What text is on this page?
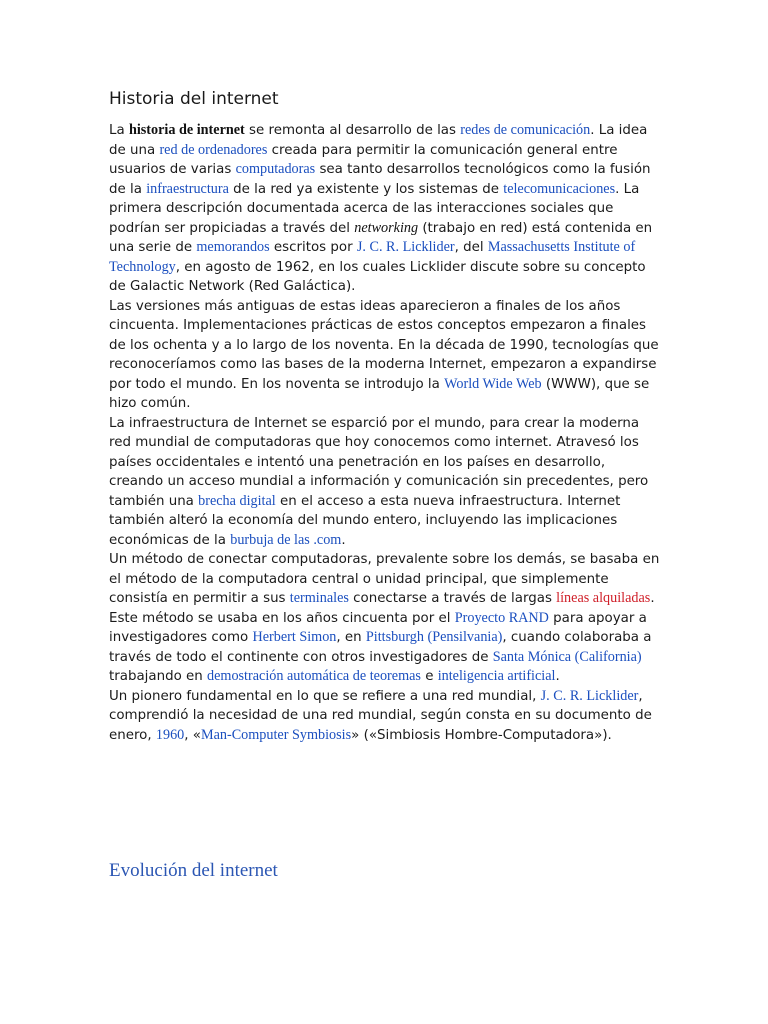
Historia del internet

La historia de internet se remonta al desarrollo de las redes de comunicación. La idea de una red de ordenadores creada para permitir la comunicación general entre usuarios de varias computadoras sea tanto desarrollos tecnológicos como la fusión de la infraestructura de la red ya existente y los sistemas de telecomunicaciones. La primera descripción documentada acerca de las interacciones sociales que podrían ser propiciadas a través del networking (trabajo en red) está contenida en una serie de memorandos escritos por J. C. R. Licklider, del Massachusetts Institute of Technology, en agosto de 1962, en los cuales Licklider discute sobre su concepto de Galactic Network (Red Galáctica).

Las versiones más antiguas de estas ideas aparecieron a finales de los años cincuenta. Implementaciones prácticas de estos conceptos empezaron a finales de los ochenta y a lo largo de los noventa. En la década de 1990, tecnologías que reconoceríamos como las bases de la moderna Internet, empezaron a expandirse por todo el mundo. En los noventa se introdujo la World Wide Web (WWW), que se hizo común.

La infraestructura de Internet se esparció por el mundo, para crear la moderna red mundial de computadoras que hoy conocemos como internet. Atravesó los países occidentales e intentó una penetración en los países en desarrollo, creando un acceso mundial a información y comunicación sin precedentes, pero también una brecha digital en el acceso a esta nueva infraestructura. Internet también alteró la economía del mundo entero, incluyendo las implicaciones económicas de la burbuja de las .com.

Un método de conectar computadoras, prevalente sobre los demás, se basaba en el método de la computadora central o unidad principal, que simplemente consistía en permitir a sus terminales conectarse a través de largas líneas alquiladas. Este método se usaba en los años cincuenta por el Proyecto RAND para apoyar a investigadores como Herbert Simon, en Pittsburgh (Pensilvania), cuando colaboraba a través de todo el continente con otros investigadores de Santa Mónica (California) trabajando en demostración automática de teoremas e inteligencia artificial.

Un pionero fundamental en lo que se refiere a una red mundial, J. C. R. Licklider, comprendió la necesidad de una red mundial, según consta en su documento de enero, 1960, «Man-Computer Symbiosis» («Simbiosis Hombre-Computadora»).

Evolución del internet
